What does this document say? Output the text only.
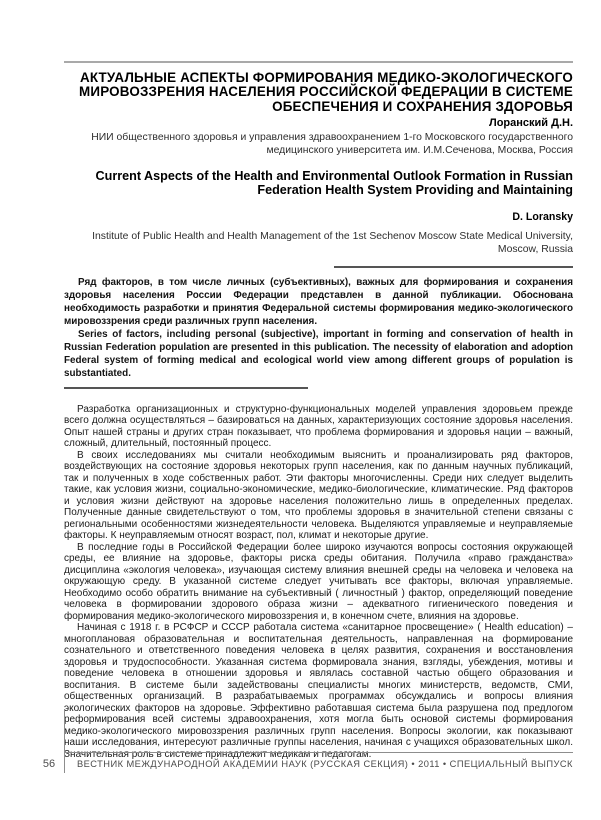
АКТУАЛЬНЫЕ АСПЕКТЫ ФОРМИРОВАНИЯ МЕДИКО-ЭКОЛОГИЧЕСКОГО МИРОВОЗЗРЕНИЯ НАСЕЛЕНИЯ РОССИЙСКОЙ ФЕДЕРАЦИИ В СИСТЕМЕ ОБЕСПЕЧЕНИЯ И СОХРАНЕНИЯ ЗДОРОВЬЯ
Лоранский Д.Н.
НИИ общественного здоровья и управления здравоохранением 1-го Московского государственного медицинского университета им. И.М.Сеченова, Москва, Россия
Current Aspects of the Health and Environmental Outlook Formation in Russian Federation Health System Providing and Maintaining
D. Loransky
Institute of Public Health and Health Management of the 1st Sechenov Moscow State Medical University, Moscow, Russia

Ряд факторов, в том числе личных (субъективных), важных для формирования и сохранения здоровья населения России Федерации представлен в данной публикации. Обоснована необходимость разработки и принятия Федеральной системы формирования медико-экологического мировоззрения среди различных групп населения.

Series of factors, including personal (subjective), important in forming and conservation of health in Russian Federation population are presented in this publication. The necessity of elaboration and adoption Federal system of forming medical and ecological world view among different groups of population is substantiated.

Разработка организационных и структурно-функциональных моделей управления здоровьем прежде всего должна осуществляться – базироваться на данных, характеризующих состояние здоровья населения. Опыт нашей страны и других стран показывает, что проблема формирования и здоровья нации – важный, сложный, длительный, постоянный процесс.

В своих исследованиях мы считали необходимым выяснить и проанализировать ряд факторов, воздействующих на состояние здоровья некоторых групп населения, как по данным научных публикаций, так и полученных в ходе собственных работ. Эти факторы многочисленны. Среди них следует выделить такие, как условия жизни, социально-экономические, медико-биологические, климатические. Ряд факторов и условия жизни действуют на здоровье населения положительно лишь в определенных пределах. Полученные данные свидетельствуют о том, что проблемы здоровья в значительной степени связаны с региональными особенностями жизнедеятельности человека. Выделяются управляемые и неуправляемые факторы. К неуправляемым относят возраст, пол, климат и некоторые другие.

В последние годы в Российской Федерации более широко изучаются вопросы состояния окружающей среды, ее влияние на здоровье, факторы риска среды обитания. Получила «право гражданства» дисциплина «экология человека», изучающая систему влияния внешней среды на человека и человека на окружающую среду. В указанной системе следует учитывать все факторы, включая управляемые. Необходимо особо обратить внимание на субъективный ( личностный ) фактор, определяющий поведение человека в формировании здорового образа жизни – адекватного гигиенического поведения и формирования медико-экологического мировоззрения и, в конечном счете, влияния на здоровье.

Начиная с 1918 г. в РСФСР и СССР работала система «санитарное просвещение» ( Health education) – многоплановая образовательная и воспитательная деятельность, направленная на формирование сознательного и ответственного поведения человека в целях развития, сохранения и восстановления здоровья и трудоспособности. Указанная система формировала знания, взгляды, убеждения, мотивы и поведение человека в отношении здоровья и являлась составной частью общего образования и воспитания. В системе были задействованы специалисты многих министерств, ведомств, СМИ, общественных организаций. В разрабатываемых программах обсуждались и вопросы влияния экологических факторов на здоровье. Эффективно работавшая система была разрушена под предлогом реформирования всей системы здравоохранения, хотя могла быть основой системы формирования медико-экологического мировоззрения различных групп населения. Вопросы экологии, как показывают наши исследования, интересуют различные группы населения, начиная с учащихся образовательных школ. Значительная роль в системе принадлежит медикам и педагогам.

56	ВЕСТНИК МЕЖДУНАРОДНОЙ АКАДЕМИИ НАУК (РУССКАЯ СЕКЦИЯ) • 2011 • СПЕЦИАЛЬНЫЙ ВЫПУСК
